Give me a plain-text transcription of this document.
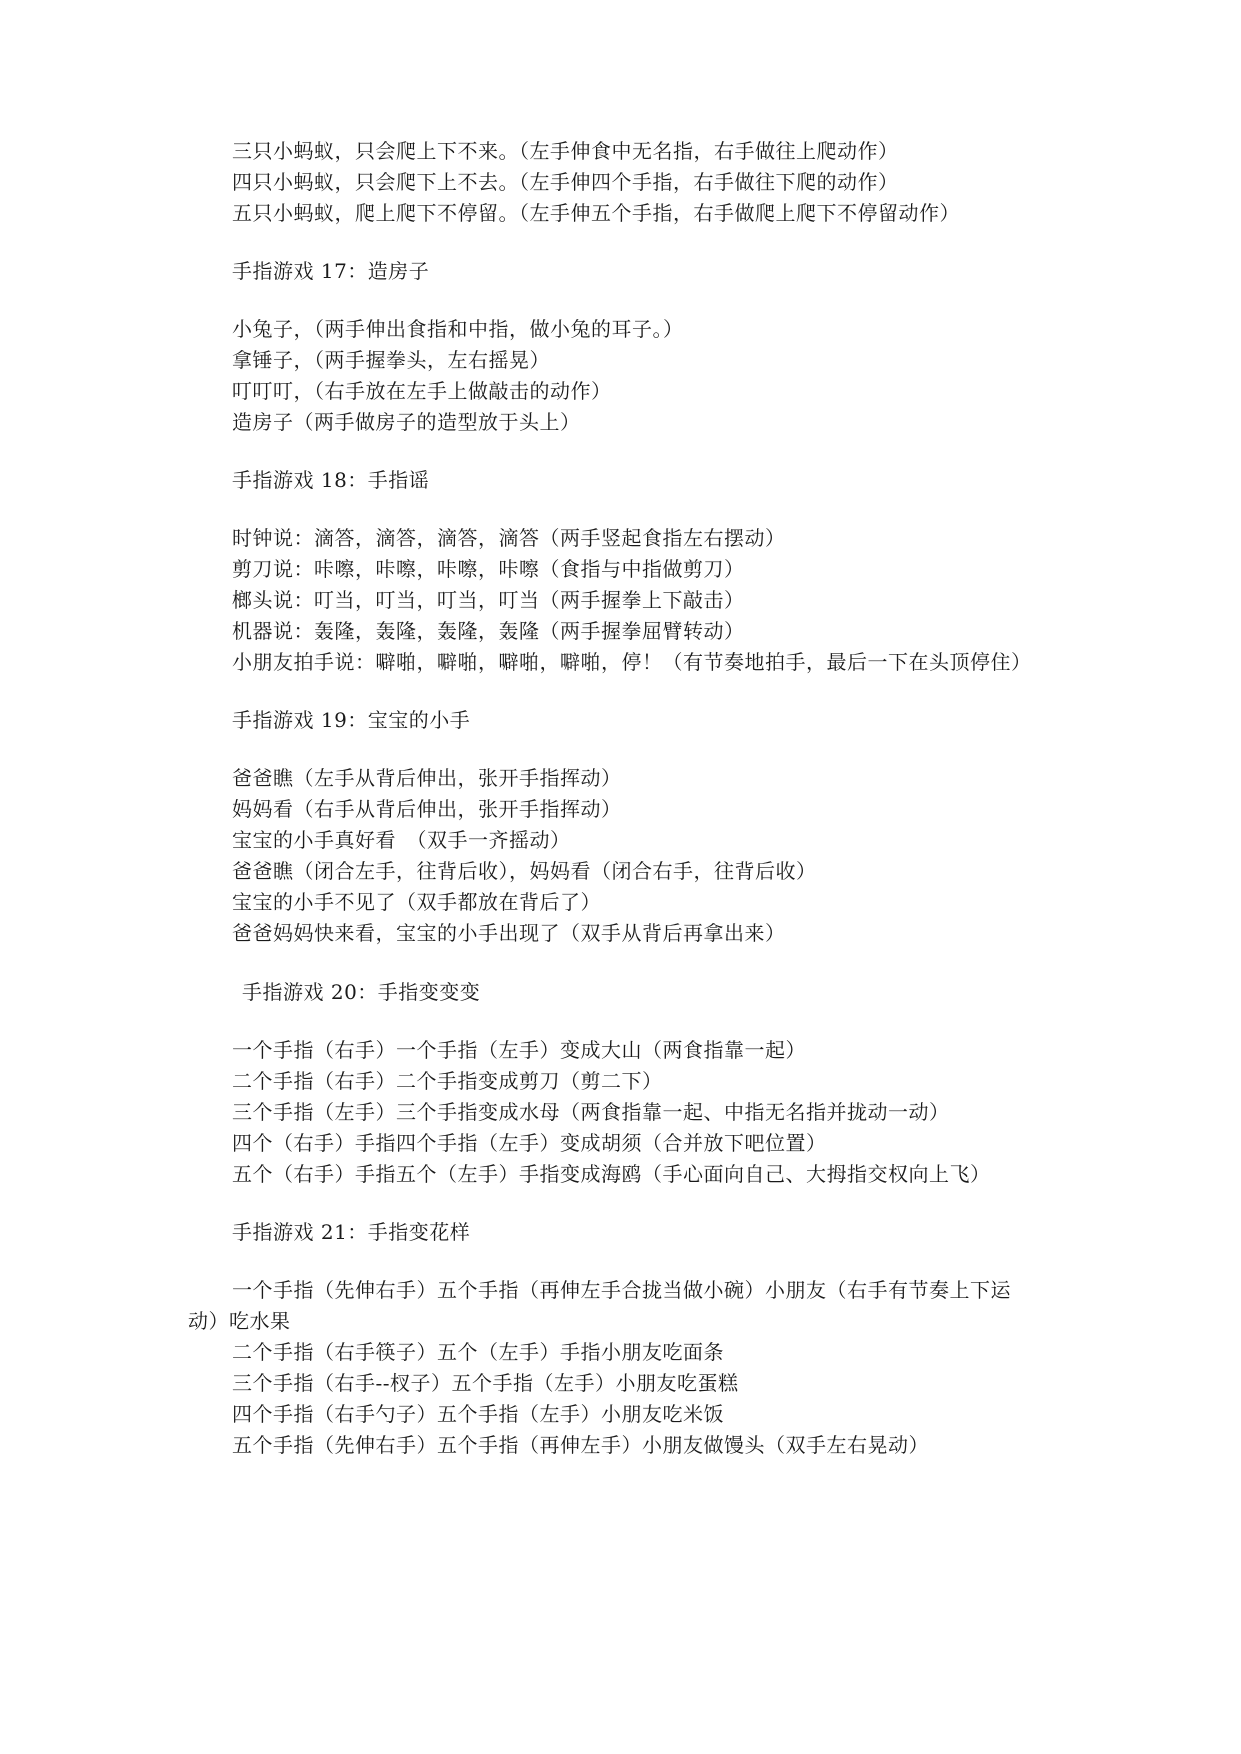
三只小蚂蚁，只会爬上下不来。（左手伸食中无名指，右手做往上爬动作）
四只小蚂蚁，只会爬下上不去。（左手伸四个手指，右手做往下爬的动作）
五只小蚂蚁，爬上爬下不停留。（左手伸五个手指，右手做爬上爬下不停留动作）
手指游戏 17：造房子
小兔子，（两手伸出食指和中指，做小兔的耳子。）
拿锤子，（两手握拳头，左右摇晃）
叮叮叮，（右手放在左手上做敲击的动作）
造房子（两手做房子的造型放于头上）
手指游戏 18：手指谣
时钟说：滴答，滴答，滴答，滴答（两手竖起食指左右摆动）
剪刀说：咔嚓，咔嚓，咔嚓，咔嚓（食指与中指做剪刀）
榔头说：叮当，叮当，叮当，叮当（两手握拳上下敲击）
机器说：轰隆，轰隆，轰隆，轰隆（两手握拳屈臂转动）
小朋友拍手说：噼啪，噼啪，噼啪，噼啪，停！（有节奏地拍手，最后一下在头顶停住）
手指游戏 19：宝宝的小手
爸爸瞧（左手从背后伸出，张开手指挥动）
妈妈看（右手从背后伸出，张开手指挥动）
宝宝的小手真好看　（双手一齐摇动）
爸爸瞧（闭合左手，往背后收），妈妈看（闭合右手，往背后收）
宝宝的小手不见了（双手都放在背后了）
爸爸妈妈快来看，宝宝的小手出现了（双手从背后再拿出来）
手指游戏 20：手指变变变
一个手指（右手）一个手指（左手）变成大山（两食指靠一起）
二个手指（右手）二个手指变成剪刀（剪二下）
三个手指（左手）三个手指变成水母（两食指靠一起、中指无名指并拢动一动）
四个（右手）手指四个手指（左手）变成胡须（合并放下吧位置）
五个（右手）手指五个（左手）手指变成海鸥（手心面向自己、大拇指交权向上飞）
手指游戏 21：手指变花样
一个手指（先伸右手）五个手指（再伸左手合拢当做小碗）小朋友（右手有节奏上下运
动）吃水果
二个手指（右手筷子）五个（左手）手指小朋友吃面条
三个手指（右手--杈子）五个手指（左手）小朋友吃蛋糕
四个手指（右手勺子）五个手指（左手）小朋友吃米饭
五个手指（先伸右手）五个手指（再伸左手）小朋友做馒头（双手左右晃动）
